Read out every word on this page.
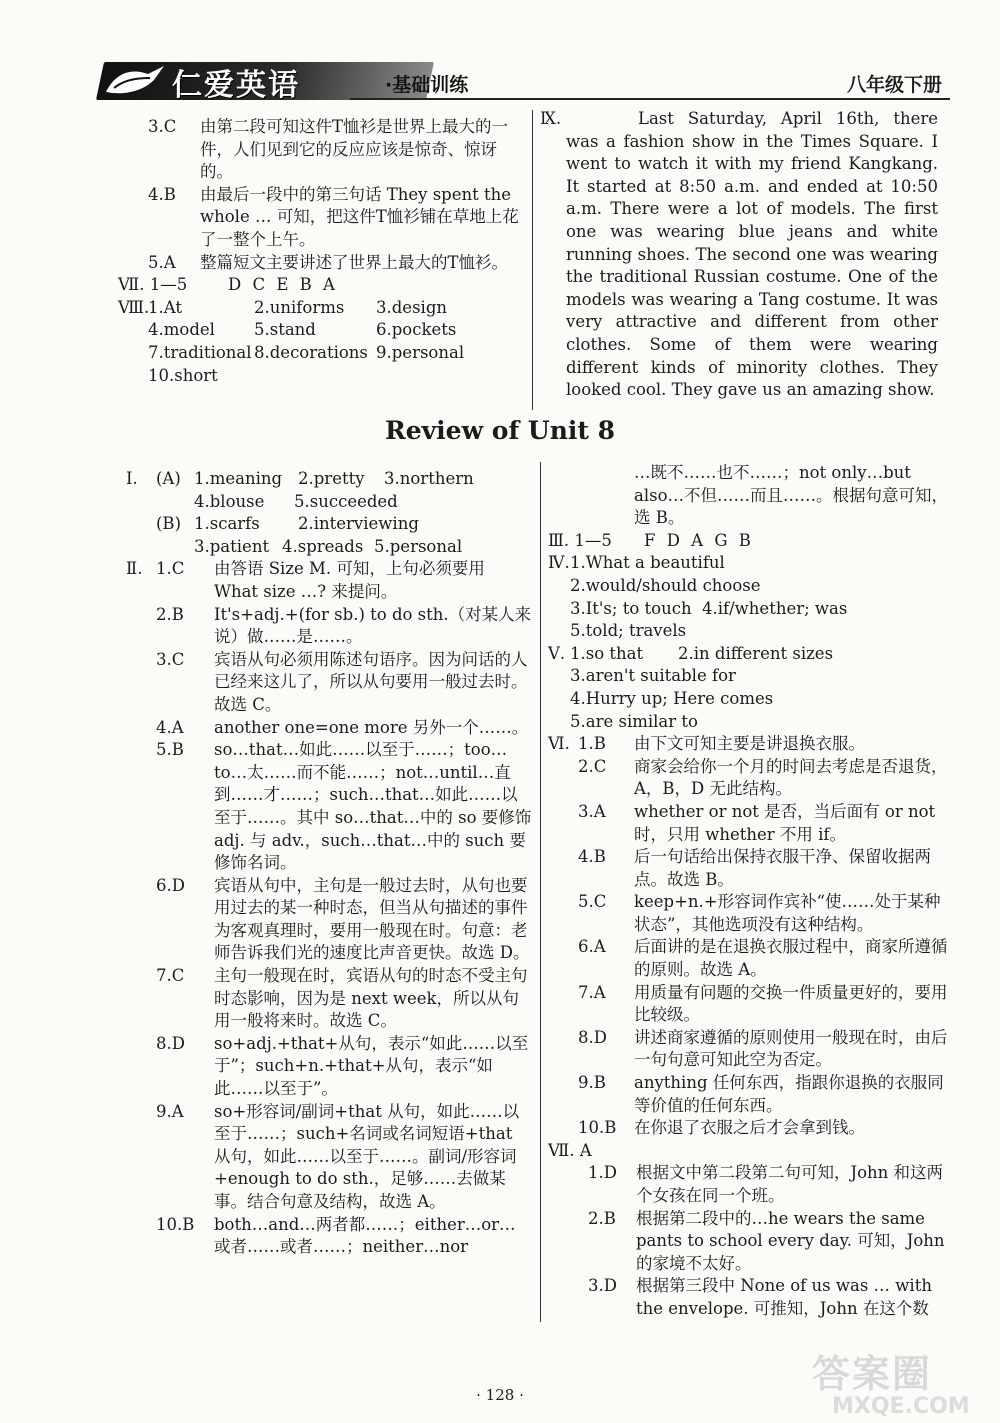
仁爱英语	·基础训练	八年级下册
3.C	由第二段可知这件T恤衫是世界上最大的一件，人们见到它的反应应该是惊奇、惊讶的。
4.B	由最后一段中的第三句话 They spent the whole … 可知，把这件T恤衫铺在草地上花了一整个上午。
5.A	整篇短文主要讲述了世界上最大的T恤衫。
Ⅶ. 1—5	D C E B A
Ⅷ.
1.At	2.uniforms	3.design
4.model	5.stand	6.pockets
7.traditional 8.decorations 9.personal
10.short
Ⅸ.	Last Saturday, April 16th, there was a fashion show in the Times Square. I went to watch it with my friend Kangkang. It started at 8:50 a.m. and ended at 10:50 a.m. There were a lot of models. The first one was wearing blue jeans and white running shoes. The second one was wearing the traditional Russian costume. One of the models was wearing a Tang costume. It was very attractive and different from other clothes. Some of them were wearing different kinds of minority clothes. They looked cool. They gave us an amazing show.
Review of Unit 8
Ⅰ.	(A) 1.meaning 2.pretty	3.northern
4.blouse	5.succeeded
(B) 1.scarfs	2.interviewing
3.patient 4.spreads 5.personal
Ⅱ. 1.C	由答语 Size M. 可知，上句必须要用 What size …? 来提问。
2.B	It's+adj.+(for sb.) to do sth.（对某人来说）做……是……。
3.C	宾语从句必须用陈述句语序。因为问话的人已经来这儿了，所以从句要用一般过去时。故选 C。
4.A	another one=one more 另外一个……。
5.B	so…that…如此……以至于……；too…to…太……而不能……；not…until…直到……才……；such…that…如此……以至于……。其中 so…that…中的 so 要修饰 adj. 与 adv.，such…that…中的 such 要修饰名词。
6.D	宾语从句中，主句是一般过去时，从句也要用过去的某一种时态，但当从句描述的事件为客观真理时，要用一般现在时。句意：老师告诉我们光的速度比声音更快。故选 D。
7.C	主句一般现在时，宾语从句的时态不受主句时态影响，因为是 next week，所以从句用一般将来时。故选 C。
8.D	so+adj.+that+从句，表示“如此……以至于”；such+n.+that+从句，表示“如此……以至于”。
9.A	so+形容词/副词+that 从句，如此……以至于……；such+名词或名词短语+that 从句，如此……以至于……。副词/形容词+enough to do sth.，足够……去做某事。结合句意及结构，故选 A。
10.B	both…and…两者都……；either…or…或者……或者……；neither…nor
…既不……也不……；not only…but also…不但……而且……。根据句意可知，选 B。
Ⅲ. 1—5	F D A G B
Ⅳ. 1.What a beautiful
2.would/should choose
3.It's; to touch 4.if/whether; was
5.told; travels
Ⅴ. 1.so that	2.in different sizes
3.aren't suitable for
4.Hurry up; Here comes
5.are similar to
Ⅵ. 1.B	由下文可知主要是讲退换衣服。
2.C	商家会给你一个月的时间去考虑是否退货，A，B，D 无此结构。
3.A	whether or not 是否，当后面有 or not 时，只用 whether 不用 if。
4.B	后一句话给出保持衣服干净、保留收据两点。故选 B。
5.C	keep+n.+形容词作宾补“使……处于某种状态”，其他选项没有这种结构。
6.A	后面讲的是在退换衣服过程中，商家所遵循的原则。故选 A。
7.A	用质量有问题的交换一件质量更好的，要用比较级。
8.D	讲述商家遵循的原则使用一般现在时，由后一句句意可知此空为否定。
9.B	anything 任何东西，指跟你退换的衣服同等价值的任何东西。
10.B	在你退了衣服之后才会拿到钱。
Ⅶ. A
1.D	根据文中第二段第二句可知，John 和这两个女孩在同一个班。
2.B	根据第二段中的…he wears the same pants to school every day. 可知，John 的家境不太好。
3.D	根据第三段中 None of us was … with the envelope. 可推知，John 在这个数
· 128 ·	答案圈
MXQE.COM
